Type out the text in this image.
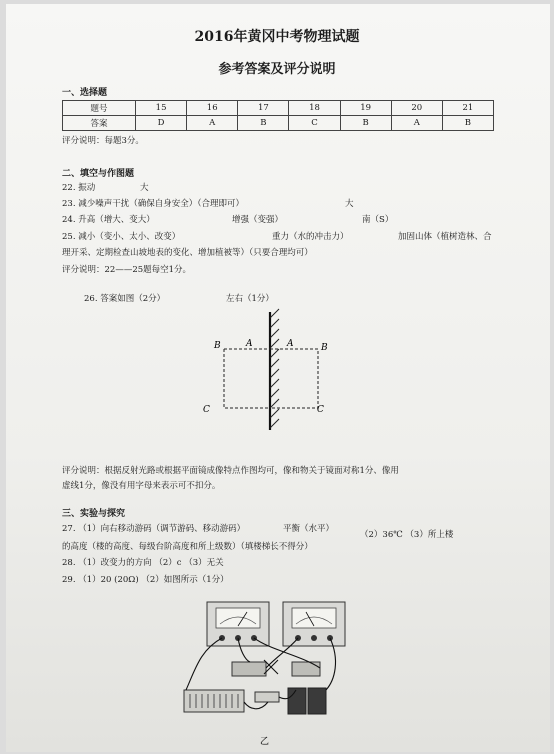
2016年黄冈中考物理试题
参考答案及评分说明
一、选择题
题号	15	16	17	18	19	20	21
答案	D	A	B	C	B	A	B
评分说明：每题3分。
二、填空与作图题
22. 振动	大
23. 减少噪声干扰（确保自身安全）（合理即可）	大
24. 升高（增大、变大）	增强（变强）	南（S）
25. 减小（变小、太小、改变）	重力（水的冲击力）	加固山体（植树造林、合
理开采、定期检查山坡地表的变化、增加植被等）（只要合理均可）
评分说明：22——25题每空1分。
26. 答案如图（2分）	左右（1分）
B	A	A	B
C	C
评分说明：根据反射光路或根据平面镜成像特点作图均可，像和物关于镜面对称1分、像用
虚线1分，像没有用字母来表示可不扣分。
三、实验与探究
27. （1）向右移动游码（调节游码、移动游码）	平衡（水平）
（2）36℃ （3）所上楼
的高度（楼的高度、每级台阶高度和所上级数）（填楼梯长不得分）
28. （1）改变力的方向 （2）c （3）无关
29. （1）20 (20Ω) （2）如图所示（1分）
乙
